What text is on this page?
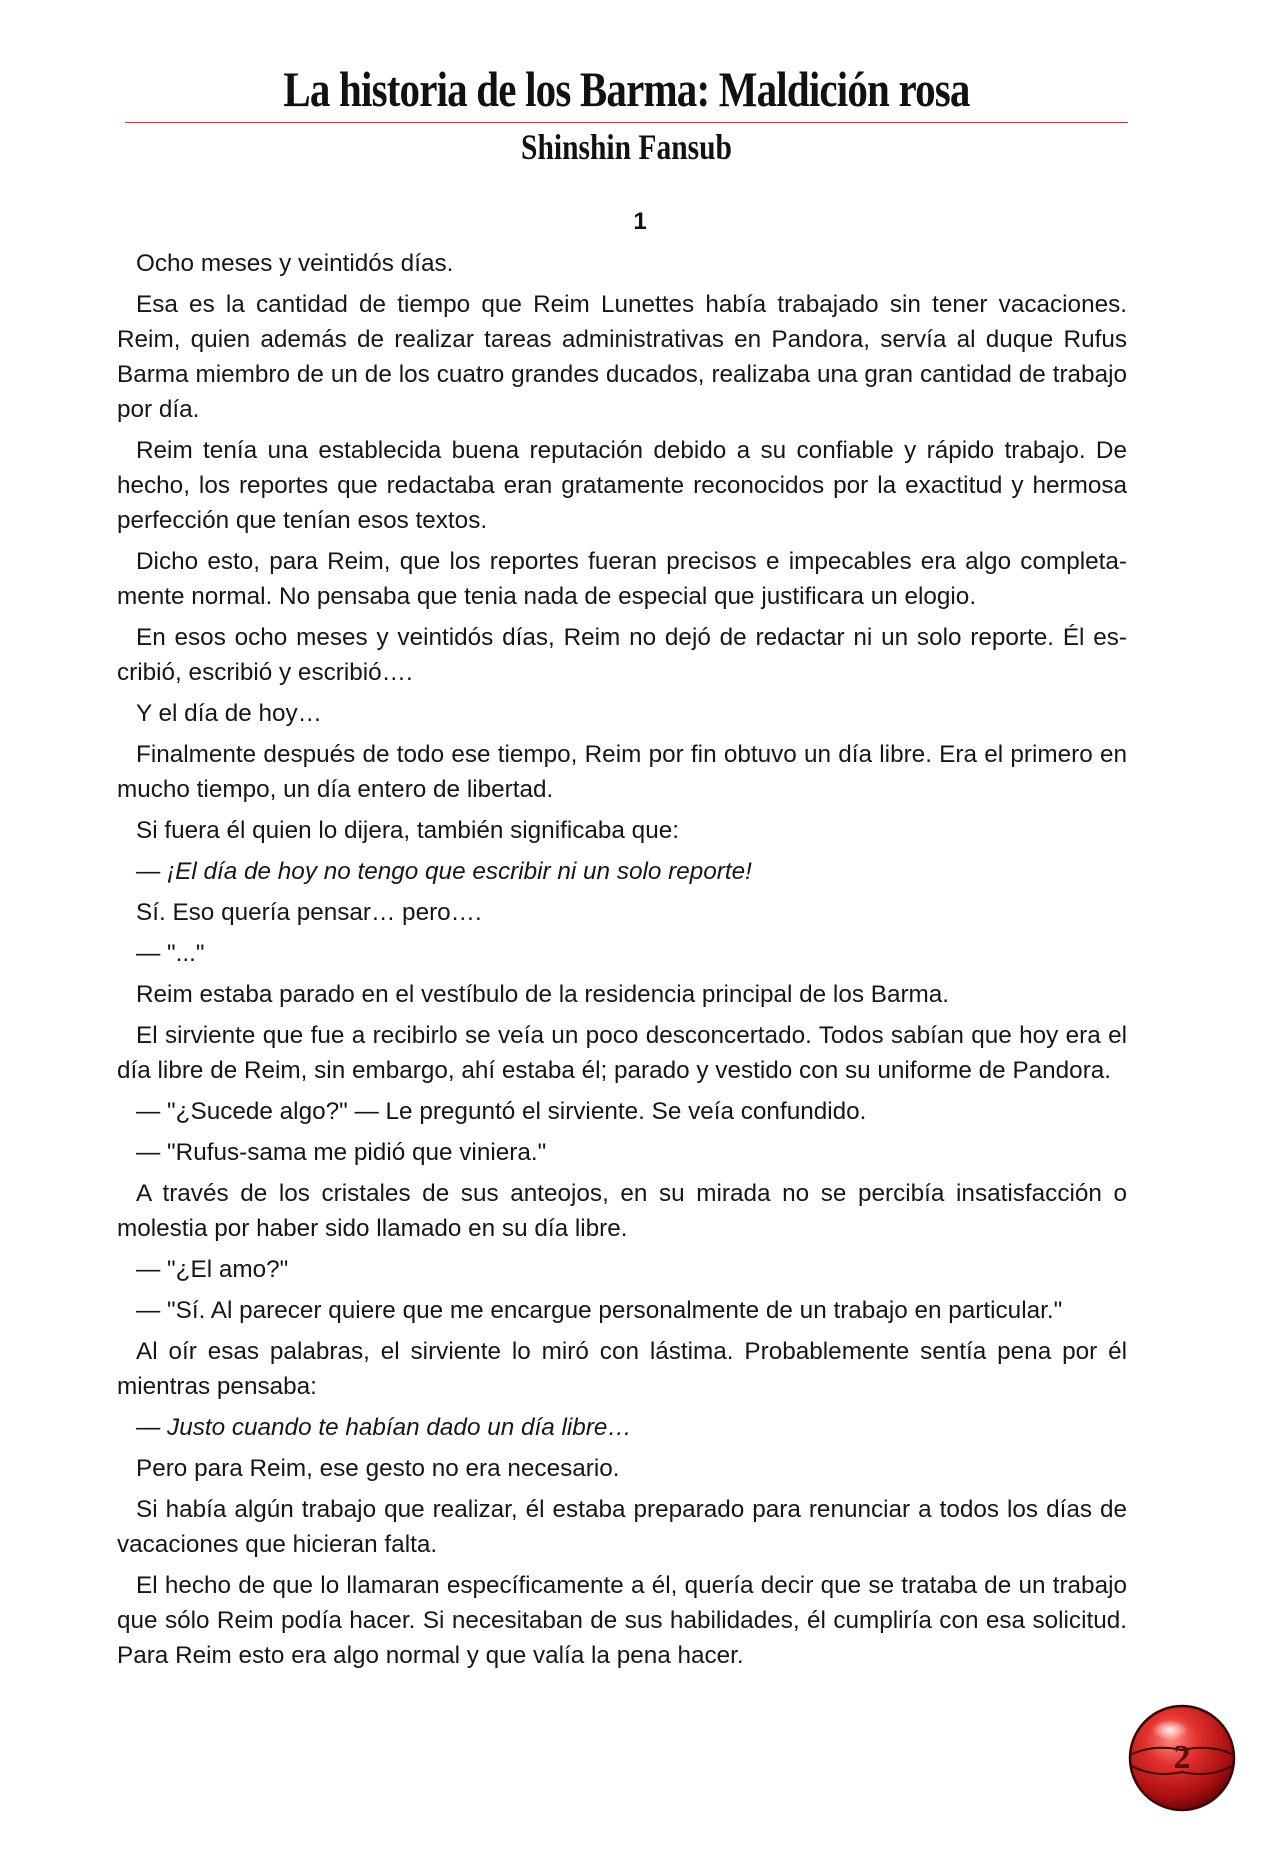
La historia de los Barma: Maldición rosa
Shinshin Fansub
1

Ocho meses y veintidós días.

Esa es la cantidad de tiempo que Reim Lunettes había trabajado sin tener vacaciones. Reim, quien además de realizar tareas administrativas en Pandora, servía al duque Rufus Barma miembro de un de los cuatro grandes ducados, realizaba una gran cantidad de trabajo por día.

Reim tenía una establecida buena reputación debido a su confiable y rápido trabajo. De hecho, los reportes que redactaba eran gratamente reconocidos por la exactitud y hermosa perfección que tenían esos textos.

Dicho esto, para Reim, que los reportes fueran precisos e impecables era algo completamente normal. No pensaba que tenia nada de especial que justificara un elogio.

En esos ocho meses y veintidós días, Reim no dejó de redactar ni un solo reporte. Él escribió, escribió y escribió….

Y el día de hoy…

Finalmente después de todo ese tiempo, Reim por fin obtuvo un día libre. Era el primero en mucho tiempo, un día entero de libertad.

Si fuera él quien lo dijera, también significaba que:

— ¡El día de hoy no tengo que escribir ni un solo reporte!

Sí. Eso quería pensar… pero….

— "..."

Reim estaba parado en el vestíbulo de la residencia principal de los Barma.

El sirviente que fue a recibirlo se veía un poco desconcertado. Todos sabían que hoy era el día libre de Reim, sin embargo, ahí estaba él; parado y vestido con su uniforme de Pandora.

— "¿Sucede algo?" — Le preguntó el sirviente. Se veía confundido.

— "Rufus-sama me pidió que viniera."

A través de los cristales de sus anteojos, en su mirada no se percibía insatisfacción o molestia por haber sido llamado en su día libre.

— "¿El amo?"

— "Sí. Al parecer quiere que me encargue personalmente de un trabajo en particular."

Al oír esas palabras, el sirviente lo miró con lástima. Probablemente sentía pena por él mientras pensaba:

— Justo cuando te habían dado un día libre…

Pero para Reim, ese gesto no era necesario.

Si había algún trabajo que realizar, él estaba preparado para renunciar a todos los días de vacaciones que hicieran falta.

El hecho de que lo llamaran específicamente a él, quería decir que se trataba de un trabajo que sólo Reim podía hacer. Si necesitaban de sus habilidades, él cumpliría con esa solicitud. Para Reim esto era algo normal y que valía la pena hacer.

2
